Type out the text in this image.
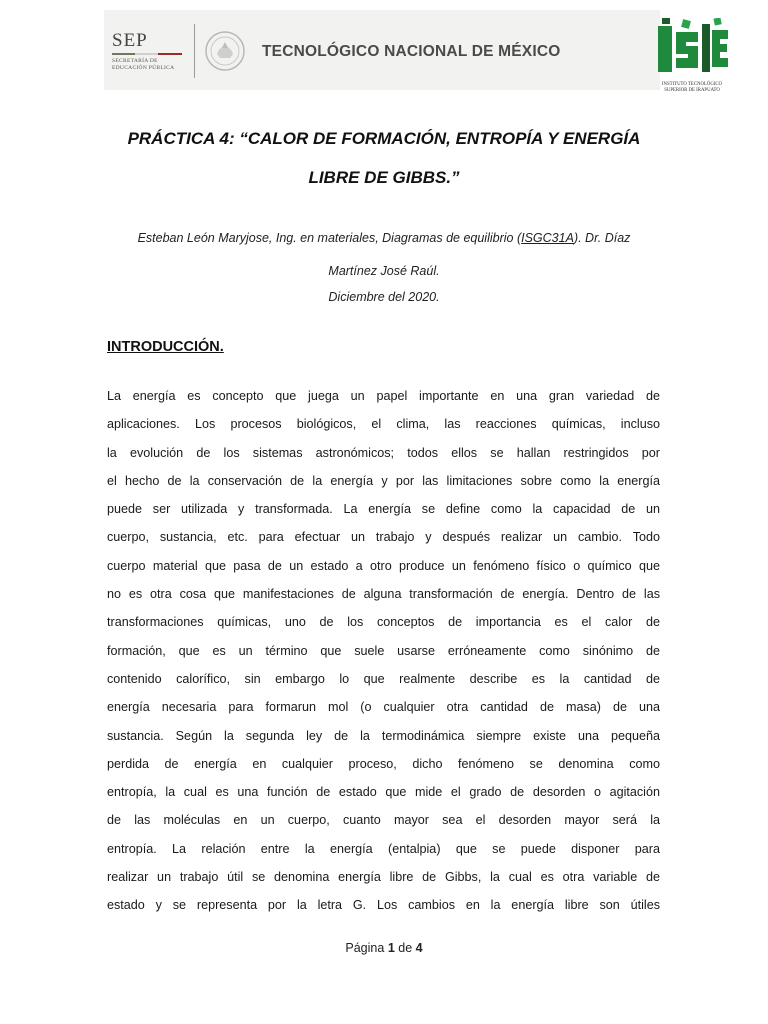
SEP
SECRETARÍA DE
EDUCACIÓN PÚBLICA
TECNOLÓGICO NACIONAL DE MÉXICO
INSTITUTO TECNOLÓGICO
SUPERIOR DE IRAPUATO
PRÁCTICA 4: “CALOR DE FORMACIÓN, ENTROPÍA Y ENERGÍA
LIBRE DE GIBBS.”
Esteban León Maryjose, Ing. en materiales, Diagramas de equilibrio (ISGC31A). Dr. Díaz
Martínez José Raúl.
Diciembre del 2020.
INTRODUCCIÓN.
La energía es concepto que juega un papel importante en una gran variedad de
aplicaciones. Los procesos biológicos, el clima, las reacciones químicas, incluso
la evolución de los sistemas astronómicos; todos ellos se hallan restringidos por
el hecho de la conservación de la energía y por las limitaciones sobre como la energía
puede ser utilizada y transformada. La energía se define como la capacidad de un
cuerpo, sustancia, etc. para efectuar un trabajo y después realizar un cambio. Todo
cuerpo material que pasa de un estado a otro produce un fenómeno físico o químico que
no es otra cosa que manifestaciones de alguna transformación de energía. Dentro de las
transformaciones químicas, uno de los conceptos de importancia es el calor de
formación, que es un término que suele usarse erróneamente como sinónimo de
contenido calorífico, sin embargo lo que realmente describe es la cantidad de
energía necesaria para formarun mol (o cualquier otra cantidad de masa) de una
sustancia. Según la segunda ley de la termodinámica siempre existe una pequeña
perdida de energía en cualquier proceso, dicho fenómeno se denomina como
entropía, la cual es una función de estado que mide el grado de desorden o agitación
de las moléculas en un cuerpo, cuanto mayor sea el desorden mayor será la
entropía. La relación entre la energía (entalpia) que se puede disponer para
realizar un trabajo útil se denomina energía libre de Gibbs, la cual es otra variable de
estado y se representa por la letra G. Los cambios en la energía libre son útiles
Página 1 de 4
